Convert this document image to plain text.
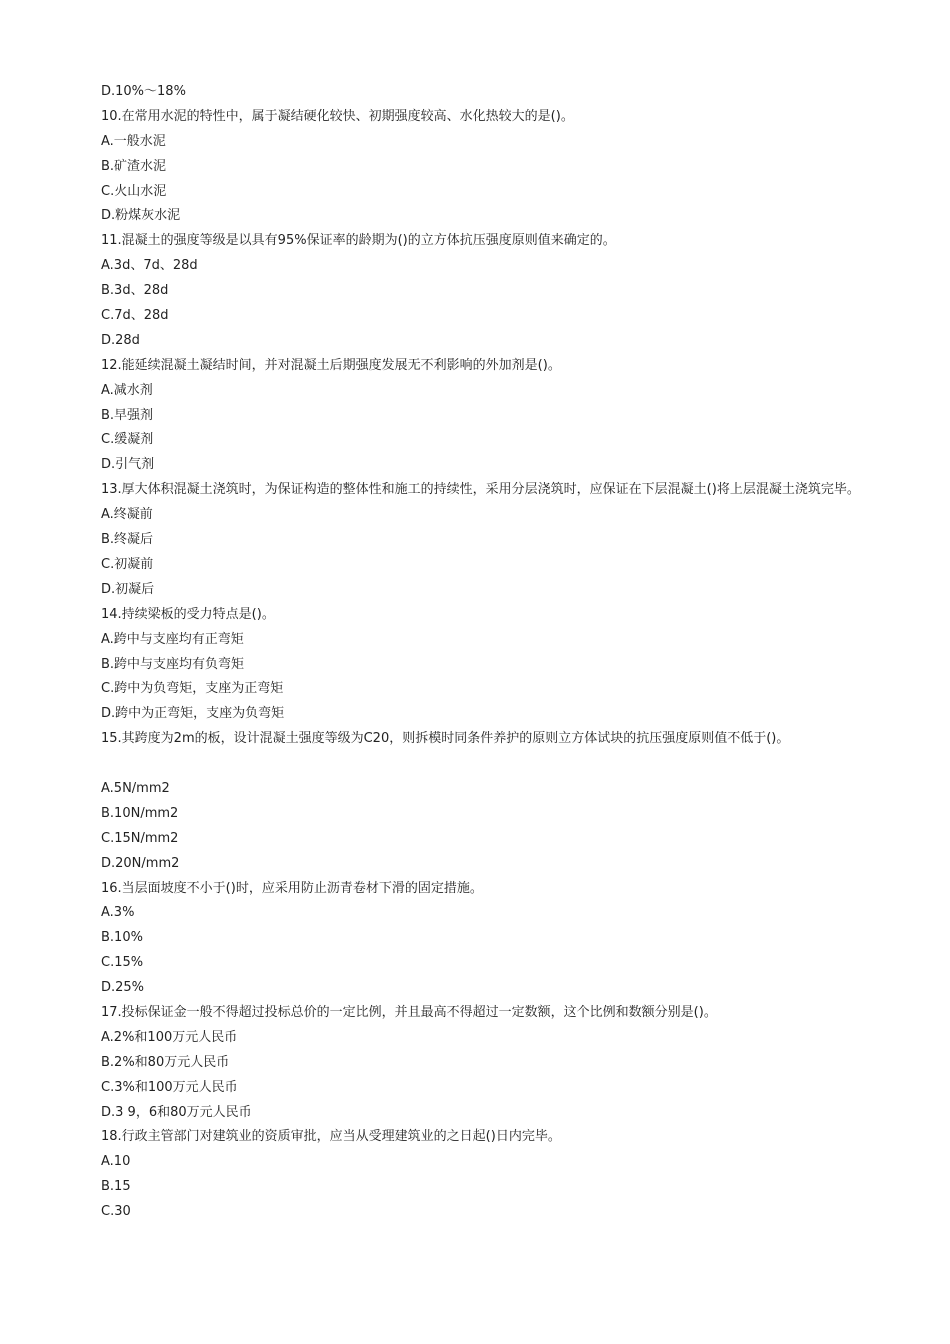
D.10%～18%
10.在常用水泥的特性中，属于凝结硬化较快、初期强度较高、水化热较大的是()。
A.一般水泥
B.矿渣水泥
C.火山水泥
D.粉煤灰水泥
11.混凝土的强度等级是以具有95%保证率的龄期为()的立方体抗压强度原则值来确定的。
A.3d、7d、28d
B.3d、28d
C.7d、28d
D.28d
12.能延续混凝土凝结时间，并对混凝土后期强度发展无不利影响的外加剂是()。
A.减水剂
B.早强剂
C.缓凝剂
D.引气剂
13.厚大体积混凝土浇筑时，为保证构造的整体性和施工的持续性，采用分层浇筑时，应保证在下层混凝土()将上层混凝土浇筑完毕。
A.终凝前
B.终凝后
C.初凝前
D.初凝后
14.持续梁板的受力特点是()。
A.跨中与支座均有正弯矩
B.跨中与支座均有负弯矩
C.跨中为负弯矩，支座为正弯矩
D.跨中为正弯矩，支座为负弯矩
15.其跨度为2m的板，设计混凝土强度等级为C20，则拆模时同条件养护的原则立方体试块的抗压强度原则值不低于()。
A.5N/mm2
B.10N/mm2
C.15N/mm2
D.20N/mm2
16.当层面坡度不小于()时，应采用防止沥青卷材下滑的固定措施。
A.3%
B.10%
C.15%
D.25%
17.投标保证金一般不得超过投标总价的一定比例，并且最高不得超过一定数额，这个比例和数额分别是()。
A.2%和100万元人民币
B.2%和80万元人民币
C.3%和100万元人民币
D.3 9，6和80万元人民币
18.行政主管部门对建筑业的资质审批，应当从受理建筑业的之日起()日内完毕。
A.10
B.15
C.30
